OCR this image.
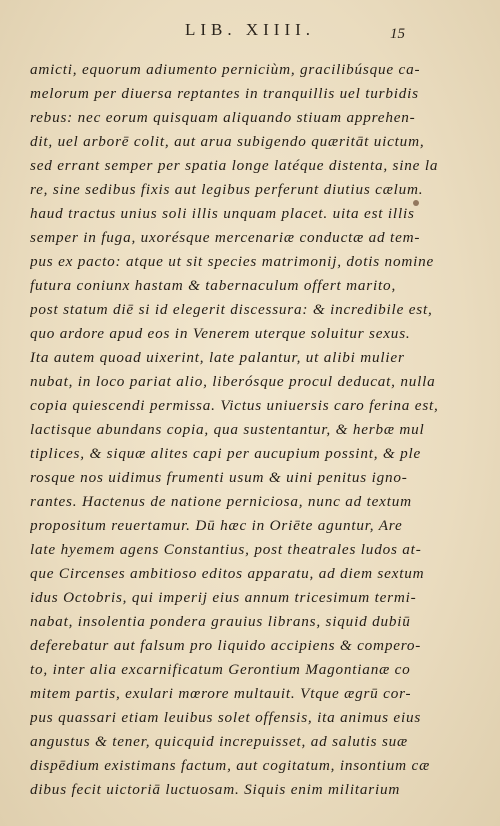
LIB. XIIII.	15
amicti, equorum adiumento perniciùm, gracilibúsque ca-
melorum per diuersa reptantes in tranquillis uel turbidis
rebus: nec eorum quisquam aliquando stiuam apprehen-
dit, uel arborē colit, aut arua subigendo quæritāt uictum,
sed errant semper per spatia longe latéque distenta, sine la
re, sine sedibus fixis aut legibus perferunt diutius cælum.
haud tractus unius soli illis unquam placet. uita est illis
semper in fuga, uxorésque mercenariæ conductæ ad tem-
pus ex pacto: atque ut sit species matrimonij, dotis nomine
futura coniunx hastam & tabernaculum offert marito,
post statum diē si id elegerit discessura: & incredibile est,
quo ardore apud eos in Venerem uterque soluitur sexus.
Ita autem quoad uixerint, late palantur, ut alibi mulier
nubat, in loco pariat alio, liberósque procul deducat, nulla
copia quiescendi permissa. Victus uniuersis caro ferina est,
lactisque abundans copia, qua sustentantur, & herbæ mul
tiplices, & siquæ alites capi per aucupium possint, & ple
rosque nos uidimus frumenti usum & uini penitus igno-
rantes. Hactenus de natione perniciosa, nunc ad textum
propositum reuertamur. Dū hæc in Oriēte aguntur, Are
late hyemem agens Constantius, post theatrales ludos at-
que Circenses ambitioso editos apparatu, ad diem sextum
idus Octobris, qui imperij eius annum tricesimum termi-
nabat, insolentia pondera grauius librans, siquid dubiū
deferebatur aut falsum pro liquido accipiens & compero-
to, inter alia excarnificatum Gerontium Magontianæ co
mitem partis, exulari mœrore multauit. Vtque ægrū cor-
pus quassari etiam leuibus solet offensis, ita animus eius
angustus & tener, quicquid increpuisset, ad salutis suæ
dispēdium existimans factum, aut cogitatum, insontium cæ
dibus fecit uictoriā luctuosam. Siquis enim militarium
